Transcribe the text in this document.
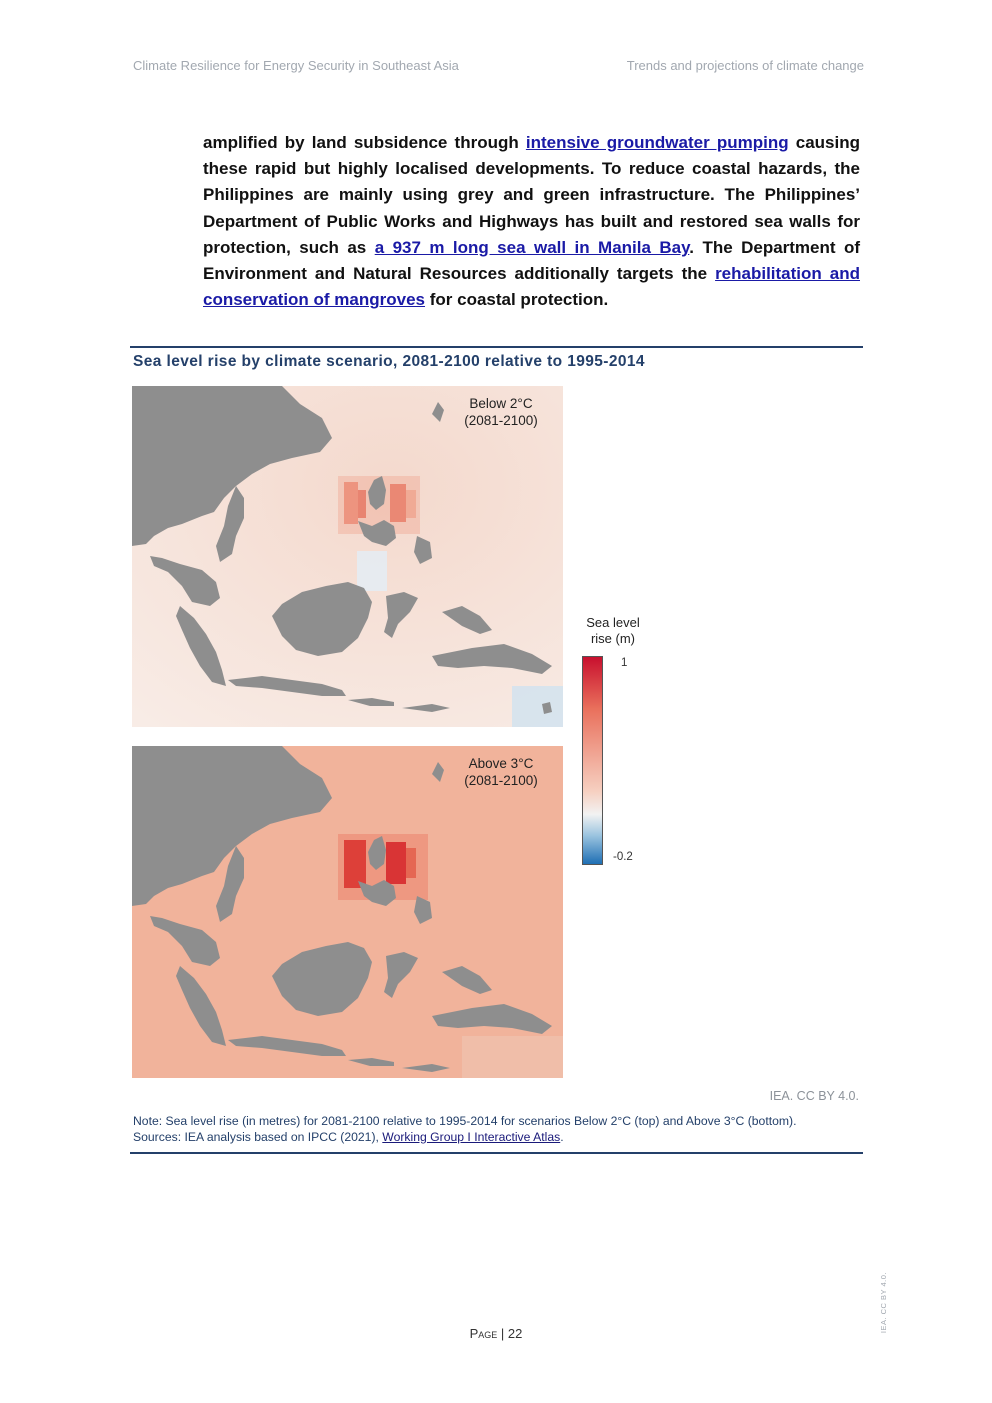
Climate Resilience for Energy Security in Southeast Asia	Trends and projections of climate change
amplified by land subsidence through intensive groundwater pumping causing these rapid but highly localised developments. To reduce coastal hazards, the Philippines are mainly using grey and green infrastructure. The Philippines’ Department of Public Works and Highways has built and restored sea walls for protection, such as a 937 m long sea wall in Manila Bay. The Department of Environment and Natural Resources additionally targets the rehabilitation and conservation of mangroves for coastal protection.
Sea level rise by climate scenario, 2081-2100 relative to 1995-2014
Below 2°C
(2081-2100)
Above 3°C
(2081-2100)
Sea level
rise (m)
1
-0.2
IEA. CC BY 4.0.
Note: Sea level rise (in metres) for 2081-2100 relative to 1995-2014 for scenarios Below 2°C (top) and Above 3°C (bottom).
Sources: IEA analysis based on IPCC (2021), Working Group I Interactive Atlas.
Page | 22
IEA. CC BY 4.0.
